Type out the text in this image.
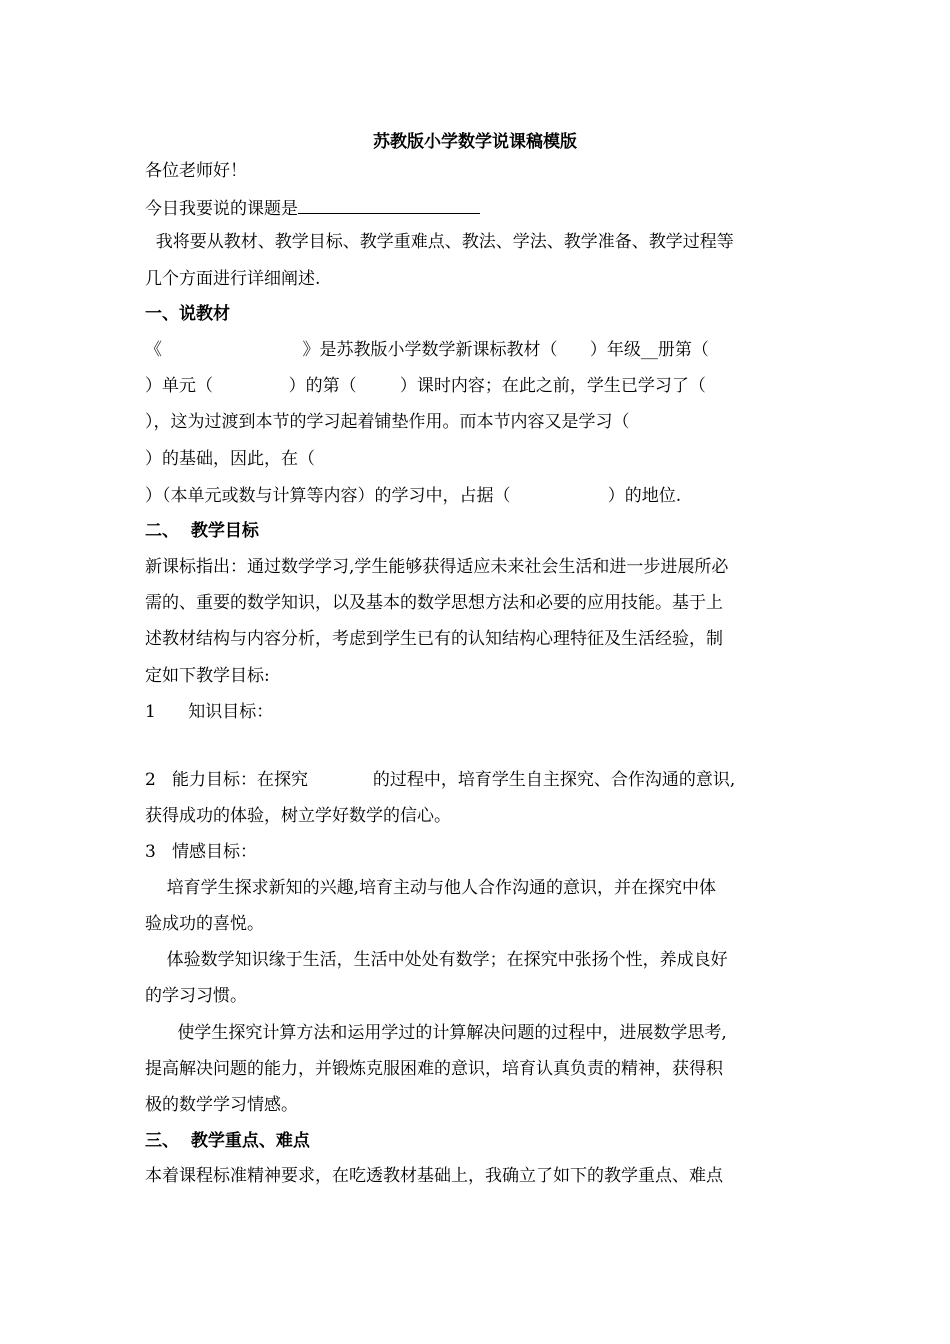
苏教版小学数学说课稿模版
各位老师好！
今日我要说的课题是
我将要从教材、教学目标、教学重难点、教法、学法、教学准备、教学过程等
几个方面进行详细阐述.
一、说教材
《                          》是苏教版小学数学新课标教材（      ）年级__册第（
）单元（              ）的第（        ）课时内容；在此之前，学生已学习了（
），这为过渡到本节的学习起着铺垫作用。而本节内容又是学习（
）的基础，因此，在（
）（本单元或数与计算等内容）的学习中，占据（                  ）的地位.
二、  教学目标
新课标指出：通过数学学习,学生能够获得适应未来社会生活和进一步进展所必
需的、重要的数学知识，以及基本的数学思想方法和必要的应用技能。基于上
述教材结构与内容分析，考虑到学生已有的认知结构心理特征及生活经验，制
定如下教学目标:
1      知识目标：
2   能力目标：在探究            的过程中，培育学生自主探究、合作沟通的意识,
获得成功的体验，树立学好数学的信心。
3   情感目标：
培育学生探求新知的兴趣,培育主动与他人合作沟通的意识，并在探究中体
验成功的喜悦。
体验数学知识缘于生活，生活中处处有数学；在探究中张扬个性，养成良好
的学习习惯。
使学生探究计算方法和运用学过的计算解决问题的过程中，进展数学思考,
提高解决问题的能力，并锻炼克服困难的意识，培育认真负责的精神，获得积
极的数学学习情感。
三、  教学重点、难点
本着课程标准精神要求，在吃透教材基础上，我确立了如下的教学重点、难点
